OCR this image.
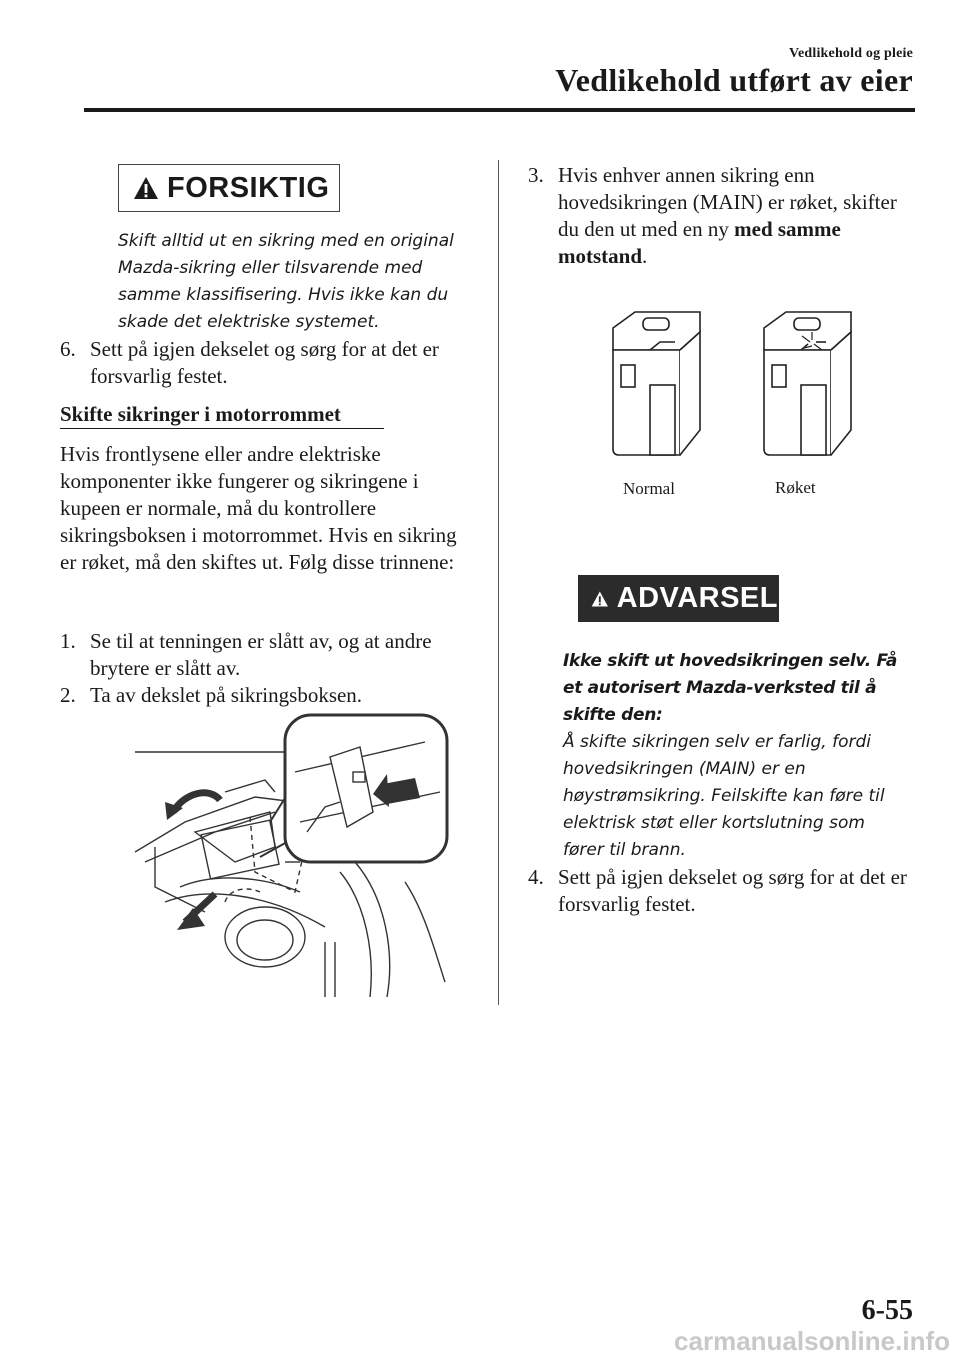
Vedlikehold og pleie
Vedlikehold utført av eier
FORSIKTIG
Skift alltid ut en sikring med en original Mazda-sikring eller tilsvarende med samme klassifisering. Hvis ikke kan du skade det elektriske systemet.
6. Sett på igjen dekselet og sørg for at det er forsvarlig festet.
Skifte sikringer i motorrommet
Hvis frontlysene eller andre elektriske komponenter ikke fungerer og sikringene i kupeen er normale, må du kontrollere sikringsboksen i motorrommet. Hvis en sikring er røket, må den skiftes ut. Følg disse trinnene:
1. Se til at tenningen er slått av, og at andre brytere er slått av.
2. Ta av dekslet på sikringsboksen.
3. Hvis enhver annen sikring enn hovedsikringen (MAIN) er røket, skifter du den ut med en ny med samme motstand.
Normal	Røket
ADVARSEL
Ikke skift ut hovedsikringen selv. Få et autorisert Mazda-verksted til å skifte den:
Å skifte sikringen selv er farlig, fordi hovedsikringen (MAIN) er en høystrømsikring. Feilskifte kan føre til elektrisk støt eller kortslutning som fører til brann.
4. Sett på igjen dekselet og sørg for at det er forsvarlig festet.
6-55
carmanualsonline.info
